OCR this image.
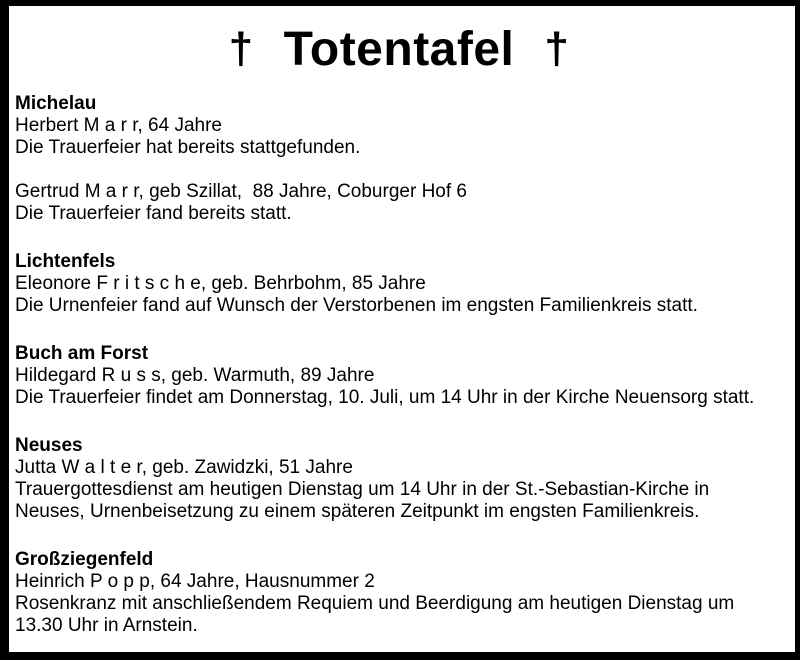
† Totentafel †
Michelau
Herbert M a r r, 64 Jahre
Die Trauerfeier hat bereits stattgefunden.
Gertrud M a r r, geb Szillat,  88 Jahre, Coburger Hof 6
Die Trauerfeier fand bereits statt.
Lichtenfels
Eleonore F r i t s c h e, geb. Behrbohm, 85 Jahre
Die Urnenfeier fand auf Wunsch der Verstorbenen im engsten Familienkreis statt.
Buch am Forst
Hildegard R u s s, geb. Warmuth, 89 Jahre
Die Trauerfeier findet am Donnerstag, 10. Juli, um 14 Uhr in der Kirche Neuensorg statt.
Neuses
Jutta W a l t e r, geb. Zawidzki, 51 Jahre
Trauergottesdienst am heutigen Dienstag um 14 Uhr in der St.-Sebastian-Kirche in
Neuses, Urnenbeisetzung zu einem späteren Zeitpunkt im engsten Familienkreis.
Großziegenfeld
Heinrich P o p p, 64 Jahre, Hausnummer 2
Rosenkranz mit anschließendem Requiem und Beerdigung am heutigen Dienstag um
13.30 Uhr in Arnstein.
